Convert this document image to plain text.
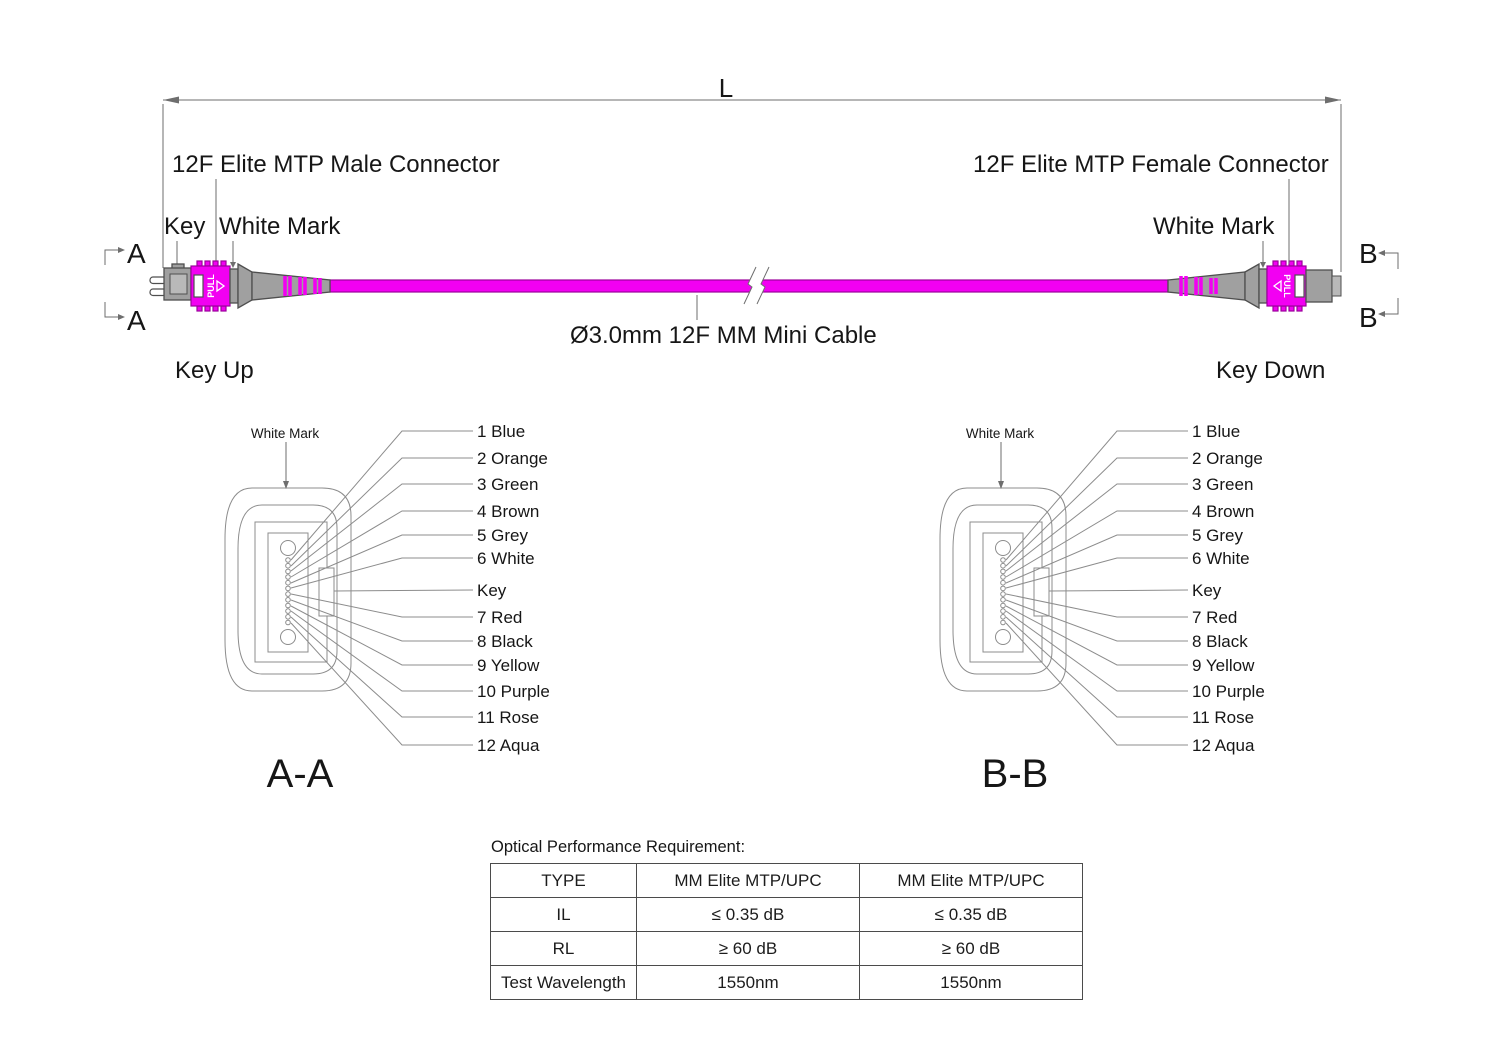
L
12F Elite MTP Male Connector
Key White Mark
Key Up
A
A
B
B
Ø3.0mm 12F MM Mini Cable
PULL	PULL
12F Elite MTP Female Connector
White Mark
Key Down
White Mark	1 Blue
2 Orange
3 Green
4 Brown
5 Grey
6 White
Key
7 Red
8 Black
9 Yellow
10 Purple
11 Rose
12 Aqua
A-A
White Mark	1 Blue
2 Orange
3 Green
4 Brown
5 Grey
6 White
Key
7 Red
8 Black
9 Yellow
10 Purple
11 Rose
12 Aqua
B-B
Optical Performance Requirement:
TYPE	MM Elite MTP/UPC	MM Elite MTP/UPC
IL	≤ 0.35 dB	≤ 0.35 dB
RL	≥ 60 dB	≥ 60 dB
Test Wavelength	1550nm	1550nm
